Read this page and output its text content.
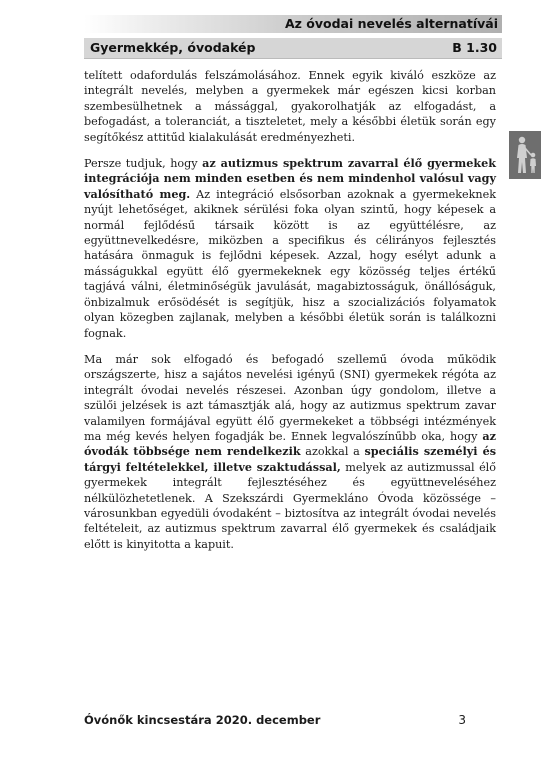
Az óvodai nevelés alternatívái
Gyermekkép, óvodakép	B 1.30

telített odafordulás felszámolásához. Ennek egyik kiváló eszköze az integrált nevelés, melyben a gyermekek már egészen kicsi korban szembesülhetnek a mássággal, gyakorolhatják az elfogadást, a befogadást, a toleranciát, a tiszteletet, mely a későbbi életük során egy segítőkész attitűd kialakulását eredményezheti.

Persze tudjuk, hogy az autizmus spektrum zavarral élő gyermekek integrációja nem minden esetben és nem mindenhol valósul vagy valósítható meg. Az integráció elsősorban azoknak a gyermekeknek nyújt lehetőséget, akiknek sérülési foka olyan szintű, hogy képesek a normál fejlődésű társaik között is az együttélésre, az együttnevelkedésre, miközben a specifikus és célirányos fejlesztés hatására önmaguk is fejlődni képesek. Azzal, hogy esélyt adunk a másságukkal együtt élő gyermekeknek egy közösség teljes értékű tagjává válni, életminőségük javulását, magabiztosságuk, önállóságuk, önbizalmuk erősödését is segítjük, hisz a szocializációs folyamatok olyan közegben zajlanak, melyben a későbbi életük során is találkozni fognak.

Ma már sok elfogadó és befogadó szellemű óvoda működik országszerte, hisz a sajátos nevelési igényű (SNI) gyermekek régóta az integrált óvodai nevelés részesei. Azonban úgy gondolom, illetve a szülői jelzések is azt támasztják alá, hogy az autizmus spektrum zavar valamilyen formájával együtt élő gyermekeket a többségi intézmények ma még kevés helyen fogadják be. Ennek legvalószínűbb oka, hogy az óvodák többsége nem rendelkezik azokkal a speciális személyi és tárgyi feltételekkel, illetve szaktudással, melyek az autizmussal élő gyermekek integrált fejlesztéséhez és együttneveléséhez nélkülözhetetlenek. A Szekszárdi Gyermekláno Óvoda közössége – városunkban egyedüli óvodaként – biztosítva az integrált óvodai nevelés feltételeit, az autizmus spektrum zavarral élő gyermekek és családjaik előtt is kinyitotta a kapuit.

Óvónők kincsestára 2020. december	3
